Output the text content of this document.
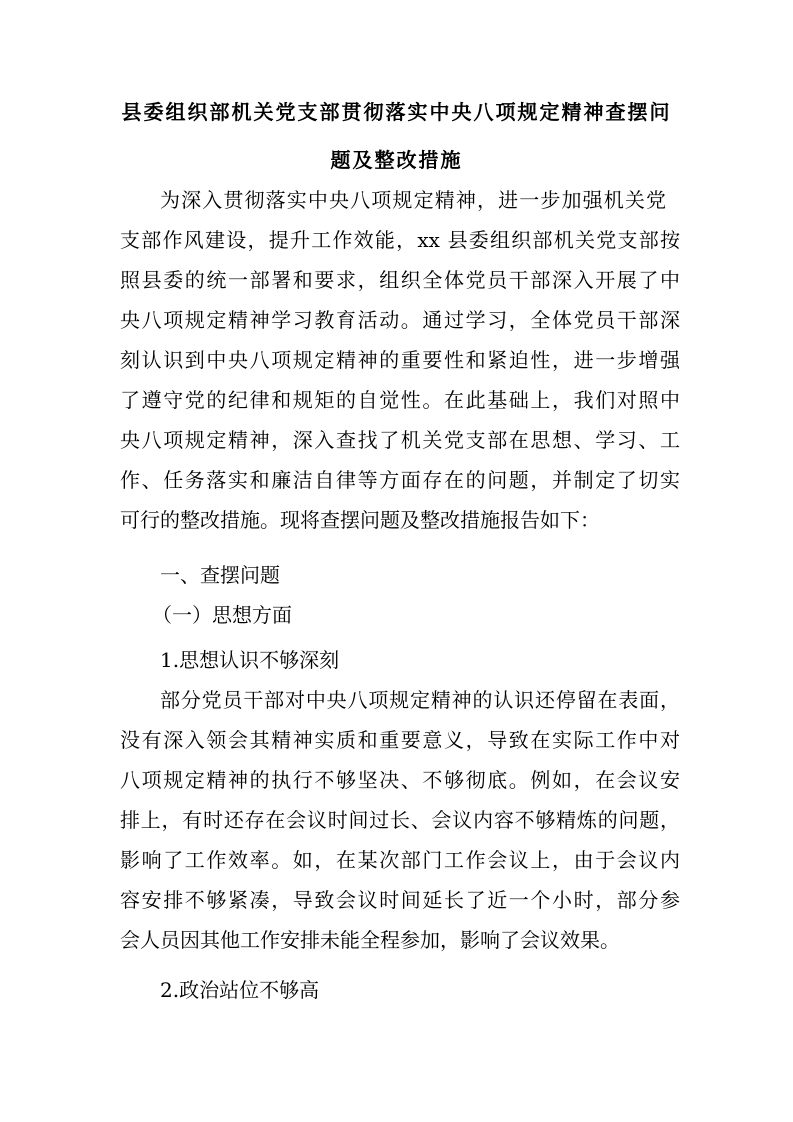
县委组织部机关党支部贯彻落实中央八项规定精神查摆问
题及整改措施
为深入贯彻落实中央八项规定精神，进一步加强机关党
支部作风建设，提升工作效能，xx 县委组织部机关党支部按
照县委的统一部署和要求，组织全体党员干部深入开展了中
央八项规定精神学习教育活动。通过学习，全体党员干部深
刻认识到中央八项规定精神的重要性和紧迫性，进一步增强
了遵守党的纪律和规矩的自觉性。在此基础上，我们对照中
央八项规定精神，深入查找了机关党支部在思想、学习、工
作、任务落实和廉洁自律等方面存在的问题，并制定了切实
可行的整改措施。现将查摆问题及整改措施报告如下：
一、查摆问题
（一）思想方面
1.思想认识不够深刻
部分党员干部对中央八项规定精神的认识还停留在表面，
没有深入领会其精神实质和重要意义，导致在实际工作中对
八项规定精神的执行不够坚决、不够彻底。例如，在会议安
排上，有时还存在会议时间过长、会议内容不够精炼的问题，
影响了工作效率。如，在某次部门工作会议上，由于会议内
容安排不够紧凑，导致会议时间延长了近一个小时，部分参
会人员因其他工作安排未能全程参加，影响了会议效果。
2.政治站位不够高
